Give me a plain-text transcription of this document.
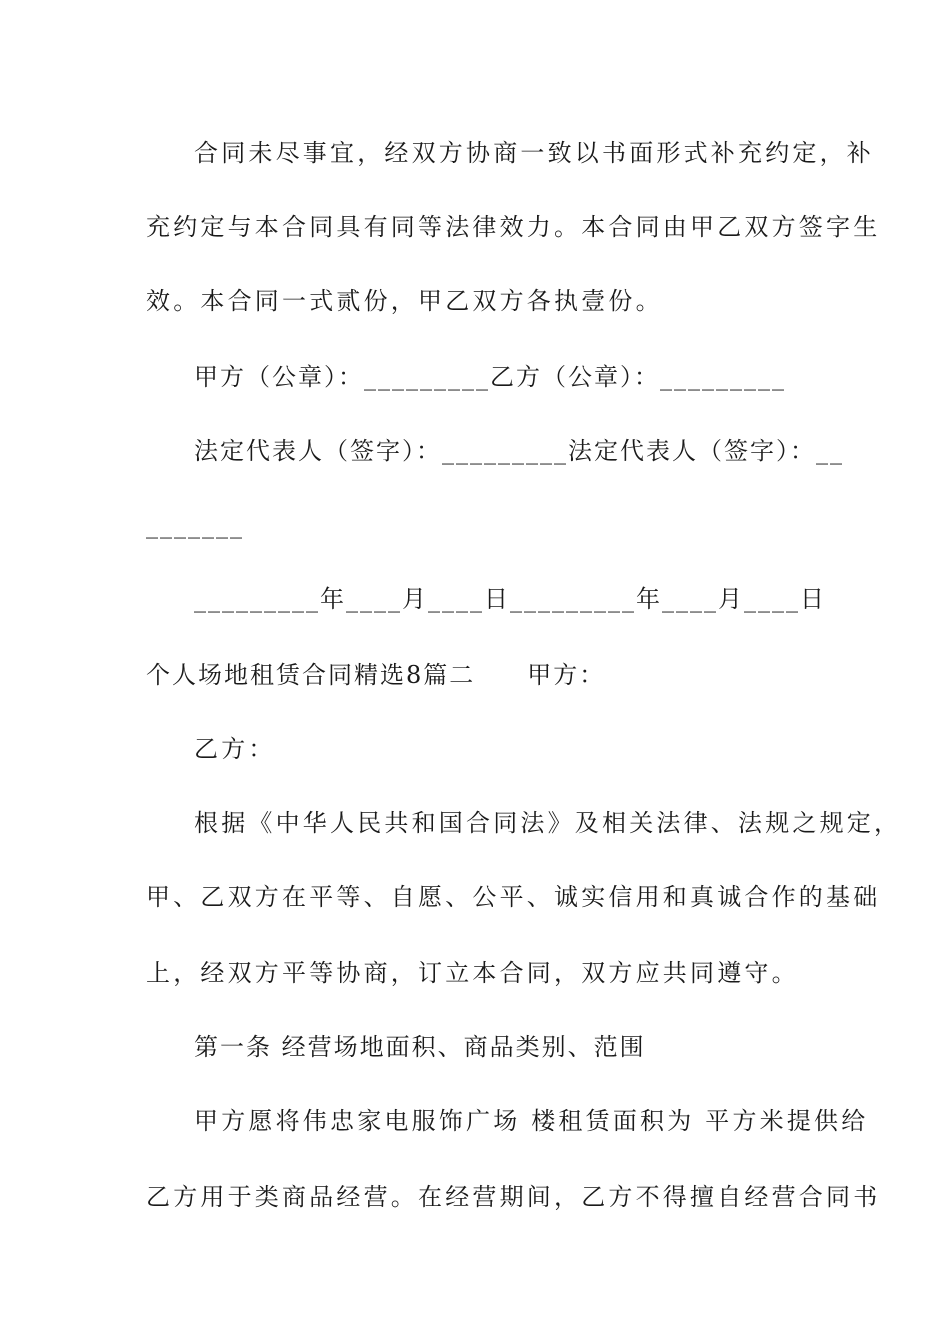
合同未尽事宜，经双方协商一致以书面形式补充约定，补
充约定与本合同具有同等法律效力。本合同由甲乙双方签字生
效。本合同一式贰份，甲乙双方各执壹份。
甲方（公章）：_________乙方（公章）：_________
法定代表人（签字）：_________法定代表人（签字）：__
_______
_________年____月____日_________年____月____日
个人场地租赁合同精选8篇二　　甲方：
乙方：
根据《中华人民共和国合同法》及相关法律、法规之规定，
甲、乙双方在平等、自愿、公平、诚实信用和真诚合作的基础
上，经双方平等协商，订立本合同，双方应共同遵守。
第一条 经营场地面积、商品类别、范围
甲方愿将伟忠家电服饰广场 楼租赁面积为 平方米提供给
乙方用于类商品经营。在经营期间，乙方不得擅自经营合同书
